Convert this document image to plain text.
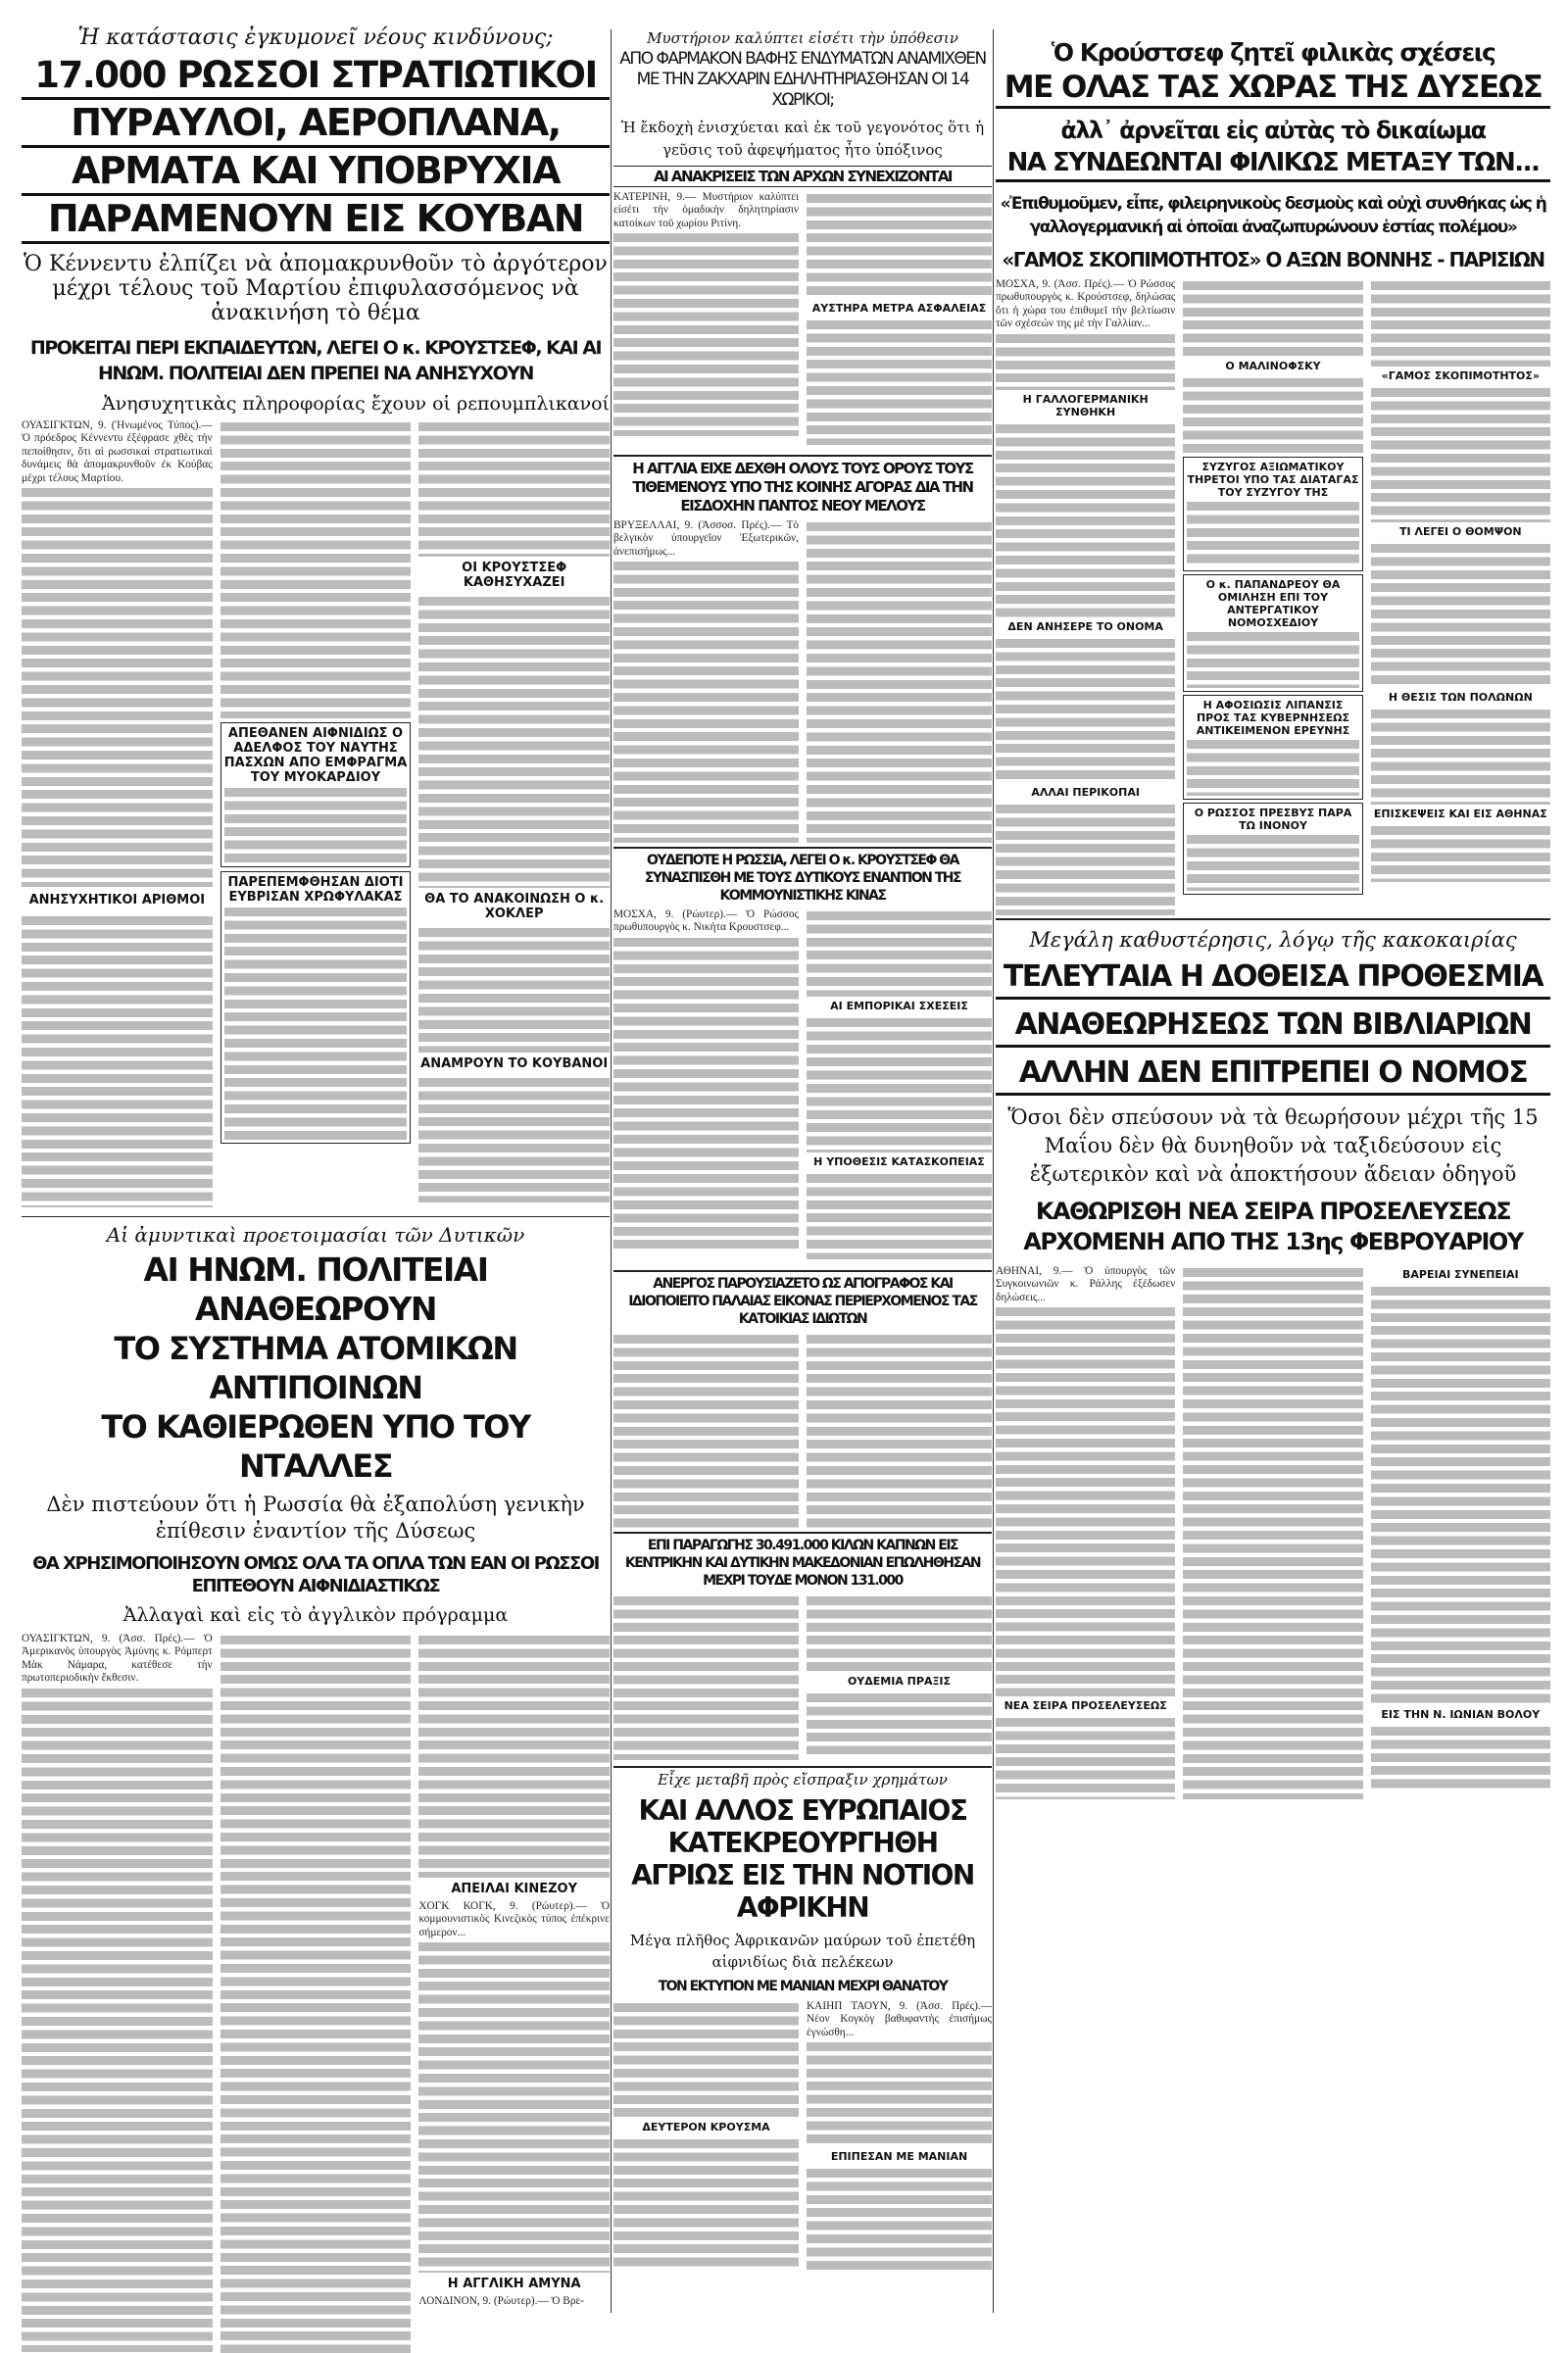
Ἡ κατάστασις ἐγκυμονεῖ νέους κινδύνους;

17.000 ΡΩΣΣΟΙ ΣΤΡΑΤΙΩΤΙΚΟΙ

ΠΥΡΑΥΛΟΙ, ΑΕΡΟΠΛΑΝΑ,

ΑΡΜΑΤΑ ΚΑΙ ΥΠΟΒΡΥΧΙΑ

ΠΑΡΑΜΕΝΟΥΝ ΕΙΣ ΚΟΥΒΑΝ

Ὁ Κέννεντυ ἐλπίζει νὰ ἀπομακρυνθοῦν τὸ ἀργότερον μέχρι τέλους τοῦ Μαρτίου ἐπιφυλασσόμενος νὰ ἀνακινήση τὸ θέμα

ΠΡΟΚΕΙΤΑΙ ΠΕΡΙ ΕΚΠΑΙΔΕΥΤΩΝ, ΛΕΓΕΙ Ο κ. ΚΡΟΥΣΤΣΕΦ, ΚΑΙ ΑΙ ΗΝΩΜ. ΠΟΛΙΤΕΙΑΙ ΔΕΝ ΠΡΕΠΕΙ ΝΑ ΑΝΗΣΥΧΟΥΝ

Ἀνησυχητικὰς πληροφορίας ἔχουν οἱ ρεπουμπλικανοί

ΟΥΑΣΙΓΚΤΩΝ, 9. (Ἡνωμένος Τύπος).— Ὁ πρόεδρος Κέννεντυ ἐξέφρασε χθὲς τὴν πεποίθησιν, ὅτι αἱ ρωσσικαὶ στρατιωτικαὶ δυνάμεις θὰ ἀπομακρυνθοῦν ἐκ Κούβας μέχρι τέλους Μαρτίου.

ΑΝΗΣΥΧΗΤΙΚΟΙ ΑΡΙΘΜΟΙ

ΑΠΕΘΑΝΕΝ ΑΙΦΝΙΔΙΩΣ Ο ΑΔΕΛΦΟΣ ΤΟΥ ΝΑΥΤΗΣ ΠΑΣΧΩΝ ΑΠΟ ΕΜΦΡΑΓΜΑ ΤΟΥ ΜΥΟΚΑΡΔΙΟΥ

ΠΑΡΕΠΕΜΦΘΗΣΑΝ ΔΙΟΤΙ ΕΥΒΡΙΣΑΝ ΧΡΩΦΥΛΑΚΑΣ

ΟΙ ΚΡΟΥΣΤΣΕΦ ΚΑΘΗΣΥΧΑΖΕΙ

ΘΑ ΤΟ ΑΝΑΚΟΙΝΩΣΗ Ο κ. ΧΟΚΛΕΡ

ΑΝΑΜΡΟΥΝ ΤΟ ΚΟΥΒΑΝΟΙ

Αἱ ἀμυντικαὶ προετοιμασίαι τῶν Δυτικῶν

ΑΙ ΗΝΩΜ. ΠΟΛΙΤΕΙΑΙ ΑΝΑΘΕΩΡΟΥΝ

ΤΟ ΣΥΣΤΗΜΑ ΑΤΟΜΙΚΩΝ ΑΝΤΙΠΟΙΝΩΝ

ΤΟ ΚΑΘΙΕΡΩΘΕΝ ΥΠΟ ΤΟΥ ΝΤΑΛΛΕΣ

Δὲν πιστεύουν ὅτι ἡ Ρωσσία θὰ ἐξαπολύση γενικὴν ἐπίθεσιν ἐναντίον τῆς Δύσεως

ΘΑ ΧΡΗΣΙΜΟΠΟΙΗΣΟΥΝ ΟΜΩΣ ΟΛΑ ΤΑ ΟΠΛΑ ΤΩΝ ΕΑΝ ΟΙ ΡΩΣΣΟΙ ΕΠΙΤΕΘΟΥΝ ΑΙΦΝΙΔΙΑΣΤΙΚΩΣ

Ἀλλαγαὶ καὶ εἰς τὸ ἀγγλικὸν πρόγραμμα

ΟΥΑΣΙΓΚΤΩΝ, 9. (Ἀσσ. Πρές).— Ὁ Ἀμερικανὸς ὑπουργὸς Ἀμύνης κ. Ρόμπερτ Μὰκ Νάμαρα, κατέθεσε τὴν πρωτοπεριοδικὴν ἔκθεσιν.

ΑΠΕΙΛΑΙ ΚΙΝΕΖΟΥ

ΧΟΓΚ ΚΟΓΚ, 9. (Ρώυτερ).— Ὁ κομμουνιστικὸς Κινεζικὸς τύπος ἐπέκρινε σήμερον...

Η ΑΓΓΛΙΚΗ ΑΜΥΝΑ

ΛΟΝΔΙΝΟΝ, 9. (Ρώυτερ).— Ὁ Βρε-

Μυστήριον καλύπτει εἰσέτι τὴν ὑπόθεσιν

ΑΠΟ ΦΑΡΜΑΚΟΝ ΒΑΦΗΣ ΕΝΔΥΜΑΤΩΝ ΑΝΑΜΙΧΘΕΝ ΜΕ ΤΗΝ ΖΑΚΧΑΡΙΝ ΕΔΗΛΗΤΗΡΙΑΣΘΗΣΑΝ ΟΙ 14 ΧΩΡΙΚΟΙ;

Ἡ ἔκδοχὴ ἐνισχύεται καὶ ἐκ τοῦ γεγονότος ὅτι ἡ γεῦσις τοῦ ἀφεψήματος ἦτο ὑπόξινος

ΑΙ ΑΝΑΚΡΙΣΕΙΣ ΤΩΝ ΑΡΧΩΝ ΣΥΝΕΧΙΖΟΝΤΑΙ

ΚΑΤΕΡΙΝΗ, 9.— Μυστήριον καλύπτει εἰσέτι τὴν ὁμαδικὴν δηλητηρίασιν κατοίκων τοῦ χωρίου Ριτίνη.

ΑΥΣΤΗΡΑ ΜΕΤΡΑ ΑΣΦΑΛΕΙΑΣ

Η ΑΓΓΛΙΑ ΕΙΧΕ ΔΕΧΘΗ ΟΛΟΥΣ ΤΟΥΣ ΟΡΟΥΣ ΤΟΥΣ ΤΙΘΕΜΕΝΟΥΣ ΥΠΟ ΤΗΣ ΚΟΙΝΗΣ ΑΓΟΡΑΣ ΔΙΑ ΤΗΝ ΕΙΣΔΟΧΗΝ ΠΑΝΤΟΣ ΝΕΟΥ ΜΕΛΟΥΣ

ΒΡΥΞΕΛΛΑΙ, 9. (Ἀσσοσ. Πρές).— Τὸ βελγικὸν ὑπουργεῖον Ἐξωτερικῶν, ἀνεπισήμως...

ΟΥΔΕΠΟΤΕ Η ΡΩΣΣΙΑ, ΛΕΓΕΙ Ο κ. ΚΡΟΥΣΤΣΕΦ ΘΑ ΣΥΝΑΣΠΙΣΘΗ ΜΕ ΤΟΥΣ ΔΥΤΙΚΟΥΣ ΕΝΑΝΤΙΟΝ ΤΗΣ ΚΟΜΜΟΥΝΙΣΤΙΚΗΣ ΚΙΝΑΣ

ΜΟΣΧΑ, 9. (Ρώυτερ).— Ὁ Ρώσσος πρωθυπουργὸς κ. Νικήτα Κρουστσεφ...

ΑΙ ΕΜΠΟΡΙΚΑΙ ΣΧΕΣΕΙΣ

Η ΥΠΟΘΕΣΙΣ ΚΑΤΑΣΚΟΠΕΙΑΣ

ΑΝΕΡΓΟΣ ΠΑΡΟΥΣΙΑΖΕΤΟ ΩΣ ΑΓΙΟΓΡΑΦΟΣ ΚΑΙ ΙΔΙΟΠΟΙΕΙΤΟ ΠΑΛΑΙΑΣ ΕΙΚΟΝΑΣ ΠΕΡΙΕΡΧΟΜΕΝΟΣ ΤΑΣ ΚΑΤΟΙΚΙΑΣ ΙΔΙΩΤΩΝ

ΕΠΙ ΠΑΡΑΓΩΓΗΣ 30.491.000 ΚΙΛΩΝ ΚΑΠΝΩΝ ΕΙΣ ΚΕΝΤΡΙΚΗΝ ΚΑΙ ΔΥΤΙΚΗΝ ΜΑΚΕΔΟΝΙΑΝ ΕΠΩΛΗΘΗΣΑΝ ΜΕΧΡΙ ΤΟΥΔΕ ΜΟΝΟΝ 131.000

ΟΥΔΕΜΙΑ ΠΡΑΞΙΣ

Εἶχε μεταβῆ πρὸς εἴσπραξιν χρημάτων

ΚΑΙ ΑΛΛΟΣ ΕΥΡΩΠΑΙΟΣ ΚΑΤΕΚΡΕΟΥΡΓΗΘΗ ΑΓΡΙΩΣ ΕΙΣ ΤΗΝ ΝΟΤΙΟΝ ΑΦΡΙΚΗΝ

Μέγα πλῆθος Ἀφρικανῶν μαύρων τοῦ ἐπετέθη αἰφνιδίως διὰ πελέκεων

ΤΟΝ ΕΚΤΥΠΟΝ ΜΕ ΜΑΝΙΑΝ ΜΕΧΡΙ ΘΑΝΑΤΟΥ

ΔΕΥΤΕΡΟΝ ΚΡΟΥΣΜΑ

ΚΑΙΗΠ ΤΑΟΥΝ, 9. (Ἀσσ. Πρές).— Νέον Κογκὸγ βαθυφαντὴς ἐπισήμως ἐγνώσθη...

ΕΠΙΠΕΣΑΝ ΜΕ ΜΑΝΙΑΝ

Ὁ Κρούστσεφ ζητεῖ φιλικὰς σχέσεις

ΜΕ ΟΛΑΣ ΤΑΣ ΧΩΡΑΣ ΤΗΣ ΔΥΣΕΩΣ

ἀλλ᾽ ἀρνεῖται εἰς αὐτὰς τὸ δικαίωμα

ΝΑ ΣΥΝΔΕΩΝΤΑΙ ΦΙΛΙΚΩΣ ΜΕΤΑΞΥ ΤΩΝ...

«Ἐπιθυμοῦμεν, εἶπε, φιλειρηνικοὺς δεσμοὺς καὶ οὐχὶ συνθήκας ὡς ἡ γαλλογερμανική αἱ ὁποῖαι ἀναζωπυρώνουν ἑστίας πολέμου»

«ΓΑΜΟΣ ΣΚΟΠΙΜΟΤΗΤΟΣ» Ο ΑΞΩΝ ΒΟΝΝΗΣ - ΠΑΡΙΣΙΩΝ

ΜΟΣΧΑ, 9. (Ἀσσ. Πρές).— Ὁ Ρώσσος πρωθυπουργὸς κ. Κρούστσεφ, δηλώσας ὅτι ἡ χώρα του ἐπιθυμεῖ τὴν βελτίωσιν τῶν σχέσεών της μὲ τὴν Γαλλίαν...

Η ΓΑΛΛΟΓΕΡΜΑΝΙΚΗ ΣΥΝΘΗΚΗ

ΔΕΝ ΑΝΗΣΕΡΕ ΤΟ ΟΝΟΜΑ

ΑΛΛΑΙ ΠΕΡΙΚΟΠΑΙ

Ο ΜΑΛΙΝΟΦΣΚΥ

ΣΥΖΥΓΟΣ ΑΞΙΩΜΑΤΙΚΟΥ ΤΗΡΕΤΟΙ ΥΠΟ ΤΑΣ ΔΙΑΤΑΓΑΣ ΤΟΥ ΣΥΖΥΓΟΥ ΤΗΣ

Ο κ. ΠΑΠΑΝΔΡΕΟΥ ΘΑ ΟΜΙΛΗΣΗ ΕΠΙ ΤΟΥ ΑΝΤΕΡΓΑΤΙΚΟΥ ΝΟΜΟΣΧΕΔΙΟΥ

Η ΑΦΟΣΙΩΣΙΣ ΛΙΠΑΝΣΙΣ ΠΡΟΣ ΤΑΣ ΚΥΒΕΡΝΗΣΕΩΣ ΑΝΤΙΚΕΙΜΕΝΟΝ ΕΡΕΥΝΗΣ

Ο ΡΩΣΣΟΣ ΠΡΕΣΒΥΣ ΠΑΡΑ ΤΩ ΙΝΟΝΟΥ

«ΓΑΜΟΣ ΣΚΟΠΙΜΟΤΗΤΟΣ»

ΤΙ ΛΕΓΕΙ Ο ΘΟΜΨΟΝ

Η ΘΕΣΙΣ ΤΩΝ ΠΟΛΩΝΩΝ

ΕΠΙΣΚΕΨΕΙΣ ΚΑΙ ΕΙΣ ΑΘΗΝΑΣ

Μεγάλη καθυστέρησις, λόγῳ τῆς κακοκαιρίας

ΤΕΛΕΥΤΑΙΑ Η ΔΟΘΕΙΣΑ ΠΡΟΘΕΣΜΙΑ

ΑΝΑΘΕΩΡΗΣΕΩΣ ΤΩΝ ΒΙΒΛΙΑΡΙΩΝ

ΑΛΛΗΝ ΔΕΝ ΕΠΙΤΡΕΠΕΙ Ο ΝΟΜΟΣ

Ὅσοι δὲν σπεύσουν νὰ τὰ θεωρήσουν μέχρι τῆς 15 Μαΐου δὲν θὰ δυνηθοῦν νὰ ταξιδεύσουν εἰς ἐξωτερικὸν καὶ νὰ ἀποκτήσουν ἄδειαν ὁδηγοῦ

ΚΑΘΩΡΙΣΘΗ ΝΕΑ ΣΕΙΡΑ ΠΡΟΣΕΛΕΥΣΕΩΣ ΑΡΧΟΜΕΝΗ ΑΠΟ ΤΗΣ 13ης ΦΕΒΡΟΥΑΡΙΟΥ

ΑΘΗΝΑΙ, 9.— Ὁ ὑπουργὸς τῶν Συγκοινωνιῶν κ. Ράλλης ἐξέδωσεν δηλώσεις...

ΝΕΑ ΣΕΙΡΑ ΠΡΟΣΕΛΕΥΣΕΩΣ

ΒΑΡΕΙΑΙ ΣΥΝΕΠΕΙΑΙ

ΕΙΣ ΤΗΝ Ν. ΙΩΝΙΑΝ ΒΟΛΟΥ
